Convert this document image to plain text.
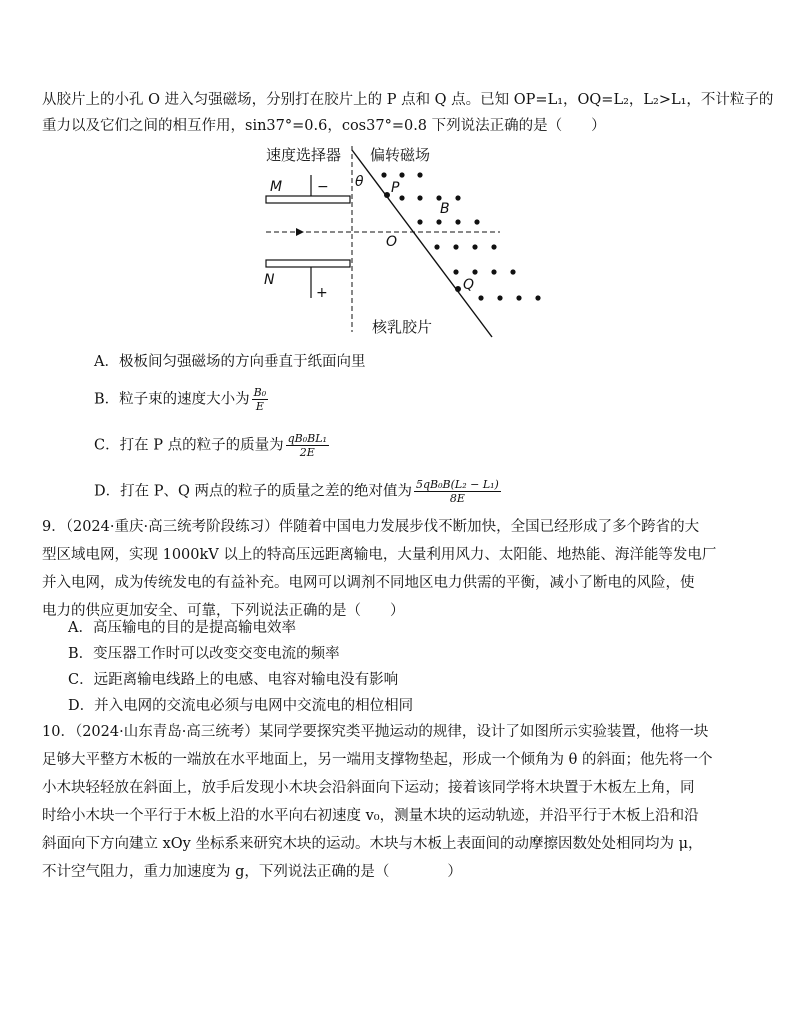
从胶片上的小孔 O 进入匀强磁场，分别打在胶片上的 P 点和 Q 点。已知 OP=L₁，OQ=L₂，L₂>L₁，不计粒子的
重力以及它们之间的相互作用，sin37°=0.6，cos37°=0.8 下列说法正确的是（　　）
速度选择器 偏转磁场
M −
N
+
θ P
B
O
Q
核乳胶片
A．极板间匀强磁场的方向垂直于纸面向里
B．粒子束的速度大小为 $\frac{\text{B₀}}{E}$
C．打在 P 点的粒子的质量为 $\frac{\text{qB₀BL₁}}{2E}$
D．打在 P、Q 两点的粒子的质量之差的绝对值为 $\frac{\text{5qB₀B(L₂ − L₁)}}{8E}$
9．（2024·重庆·高三统考阶段练习）伴随着中国电力发展步伐不断加快，全国已经形成了多个跨省的大
型区域电网，实现 1000kV 以上的特高压远距离输电，大量利用风力、太阳能、地热能、海洋能等发电厂
并入电网，成为传统发电的有益补充。电网可以调剂不同地区电力供需的平衡，减小了断电的风险，使
电力的供应更加安全、可靠，下列说法正确的是（　　）
A．高压输电的目的是提高输电效率
B．变压器工作时可以改变交变电流的频率
C．远距离输电线路上的电感、电容对输电没有影响
D．并入电网的交流电必须与电网中交流电的相位相同
10．（2024·山东青岛·高三统考）某同学要探究类平抛运动的规律，设计了如图所示实验装置，他将一块
足够大平整方木板的一端放在水平地面上，另一端用支撑物垫起，形成一个倾角为 θ 的斜面；他先将一个
小木块轻轻放在斜面上，放手后发现小木块会沿斜面向下运动；接着该同学将木块置于木板左上角，同
时给小木块一个平行于木板上沿的水平向右初速度 v₀，测量木块的运动轨迹，并沿平行于木板上沿和沿
斜面向下方向建立 xOy 坐标系来研究木块的运动。木块与木板上表面间的动摩擦因数处处相同均为 μ，
不计空气阻力，重力加速度为 g，下列说法正确的是（　　　　）
